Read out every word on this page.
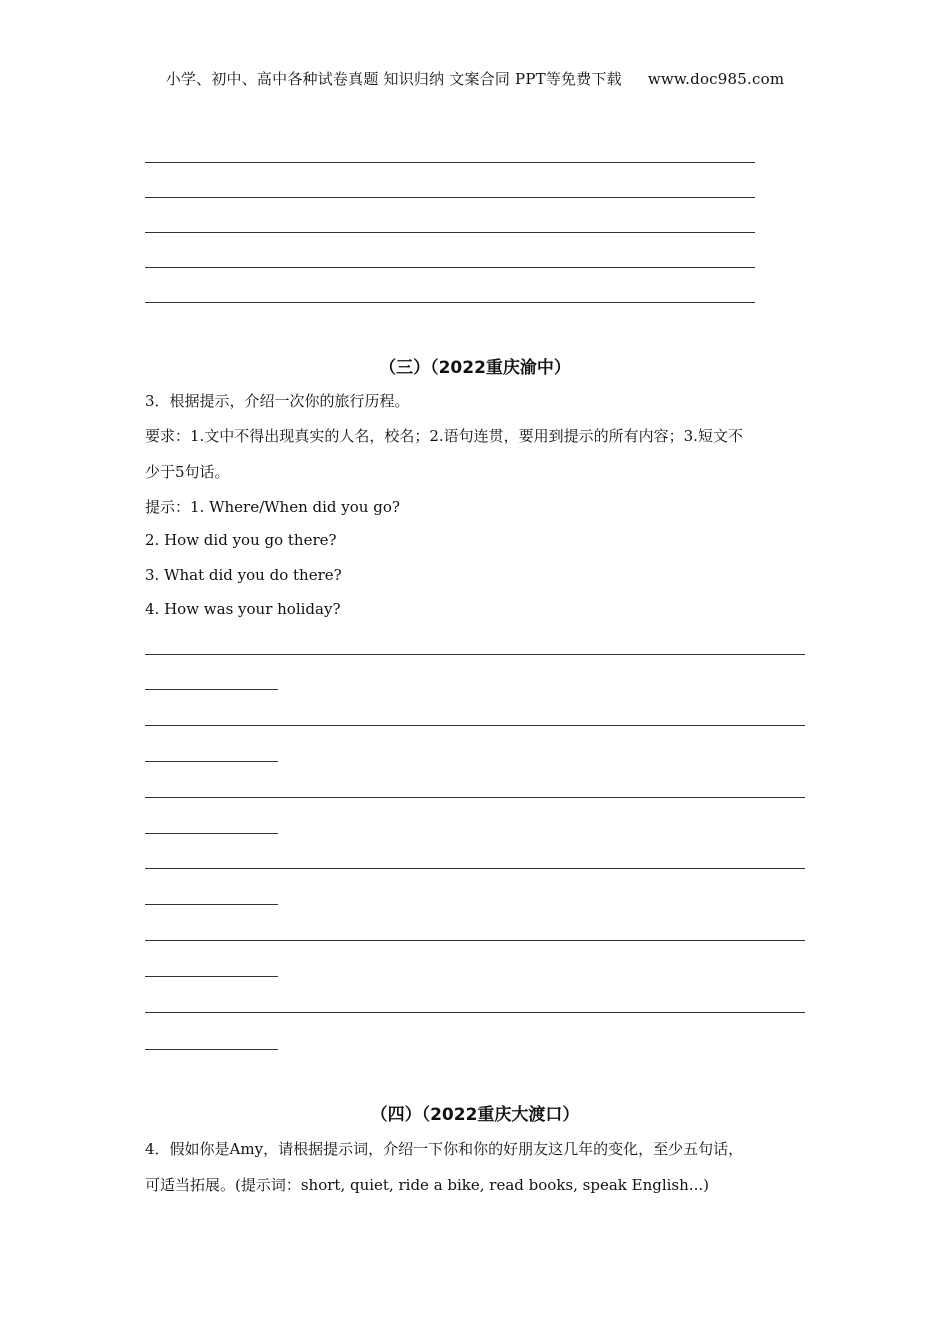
小学、初中、高中各种试卷真题 知识归纳 文案合同 PPT等免费下载 www.doc985.com
（三）（2022重庆渝中）
3．根据提示，介绍一次你的旅行历程。
要求：1.文中不得出现真实的人名，校名；2.语句连贯，要用到提示的所有内容；3.短文不
少于5句话。
提示：1. Where/When did you go?
2. How did you go there?
3. What did you do there?
4. How was your holiday?
（四）（2022重庆大渡口）
4．假如你是Amy，请根据提示词，介绍一下你和你的好朋友这几年的变化，至少五句话，
可适当拓展。(提示词：short, quiet, ride a bike, read books, speak English...)
